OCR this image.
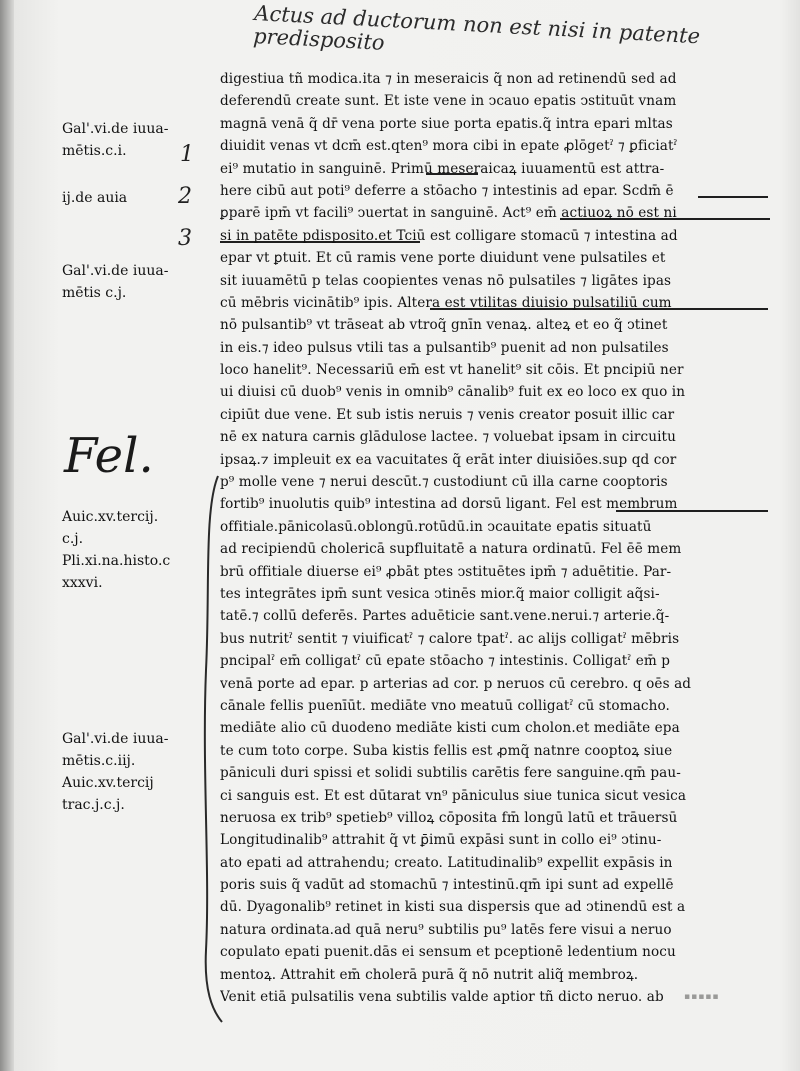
Actus ad ductorum non est nisi in patente predisposito
Gal'.vi.de iuua-
mētis.c.i.
ij.de auia
Gal'.vi.de iuua-
mētis c.j.
Auic.xv.tercij.
c.j.
Pli.xi.na.histo.c
xxxvi.
Gal'.vi.de iuua-
mētis.c.iij.
Auic.xv.tercij
trac.j.c.j.
1
2
3
Fel.
digestiua tñ modica.ita ⁊ in meseraicis q̃ non ad retinendū sed ad
deferendū create sunt. Et iste vene in ↄcauo epatis ↄstituūt vnam
magnā venā q̃ dr̄ vena porte siue porta epatis.q̃ intra epari mltas
diuidit venas vt dcm̄ est.qten⁹ mora cibi in epate ꝓlōgetˀ ⁊ ꝑficiatˀ
ei⁹ mutatio in sanguinē. Primū meseraicaꝝ iuuamentū est attra-
here cibū aut poti⁹ deferre a stōacho ⁊ intestinis ad epar. Scdm̄ ē
ꝑparē ipm̄ vt facili⁹ ↄuertat in sanguinē. Act⁹ em̄ actiuoꝝ nō est ni
si in patēte pdisposito.et Tciū est colligare stomacū ⁊ intestina ad
epar vt ꝑtuit. Et cū ramis vene porte diuidunt vene pulsatiles et
sit iuuamētū p telas coopientes venas nō pulsatiles ⁊ ligātes ipas
cū mēbris vicinātib⁹ ipis. Altera est vtilitas diuisio pulsatiliū cum
nō pulsantib⁹ vt trāseat ab vtroq̃ gnīn venaꝝ. alteꝝ et eo q̃ ↄtinet
in eis.⁊ ideo pulsus vtili tas a pulsantib⁹ puenit ad non pulsatiles
loco hanelit⁹. Necessariū em̄ est vt hanelit⁹ sit cōis. Et pncipiū ner
ui diuisi cū duob⁹ venis in omnib⁹ cānalib⁹ fuit ex eo loco ex quo in
cipiūt due vene. Et sub istis neruis ⁊ venis creator posuit illic car
nē ex natura carnis glādulose lactee. ⁊ voluebat ipsam in circuitu
ipsaꝝ.⁊ impleuit ex ea vacuitates q̃ erāt inter diuisiōes.sup qd cor
p⁹ molle vene ⁊ nerui descūt.⁊ custodiunt cū illa carne cooptoris
fortib⁹ inuolutis quib⁹ intestina ad dorsū ligant. Fel est membrum
offitiale.pānicolasū.oblongū.rotūdū.in ↄcauitate epatis situatū
ad recipiendū cholericā supfluitatē a natura ordinatū. Fel ēē mem
brū offitiale diuerse ei⁹ ꝓbāt ptes ↄstituētes ipm̄ ⁊ aduētitie. Par-
tes integrātes ipm̄ sunt vesica ↄtinēs mior.q̃ maior colligit aq̃si-
tatē.⁊ collū deferēs. Partes aduēticie sant.vene.nerui.⁊ arterie.q̃-
bus nutritˀ sentit ⁊ viuificatˀ ⁊ calore tpatˀ. ac alijs colligatˀ mēbris
pncipalˀ em̄ colligatˀ cū epate stōacho ⁊ intestinis. Colligatˀ em̄ p
venā porte ad epar. p arterias ad cor. p neruos cū cerebro. q oēs ad
cānale fellis puenīūt. mediāte vno meatuū colligatˀ cū stomacho.
mediāte alio cū duodeno mediāte kisti cum cholon.et mediāte epa
te cum toto corpe. Suba kistis fellis est ꝓmq̃ natnre cooptoꝝ siue
pāniculi duri spissi et solidi subtilis carētis fere sanguine.qm̄ pau-
ci sanguis est. Et est dūtarat vn⁹ pāniculus siue tunica sicut vesica
neruosa ex trib⁹ spetieb⁹ villoꝝ cōposita fm̄ longū latū et trāuersū
Longitudinalib⁹ attrahit q̃ vt ꝑ̄imū expāsi sunt in collo ei⁹ ↄtinu-
ato epati ad attrahendu; creato. Latitudinalib⁹ expellit expāsis in
poris suis q̃ vadūt ad stomachū ⁊ intestinū.qm̄ ipi sunt ad expellē
dū. Dyagonalib⁹ retinet in kisti sua dispersis que ad ↄtinendū est a
natura ordinata.ad quā neru⁹ subtilis pu⁹ latēs fere visui a neruo
copulato epati puenit.dās ei sensum et pceptionē ledentium nocu
mentoꝝ. Attrahit em̄ cholerā purā q̃ nō nutrit aliq̃ membroꝝ.
Venit etiā pulsatilis vena subtilis valde aptior tñ dicto neruo. ab	▪▪▪▪▪
